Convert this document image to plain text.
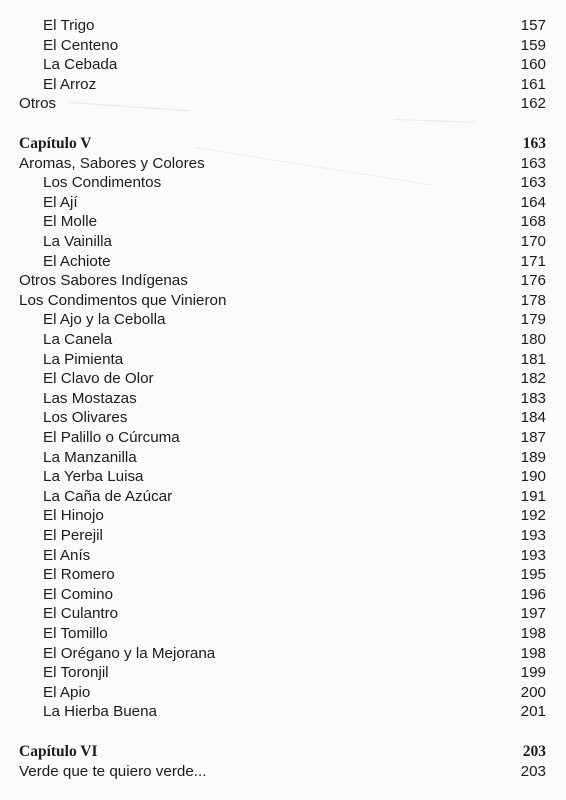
El Trigo	157
El Centeno	159
La Cebada	160
El Arroz	161
Otros	162
Capítulo V	163
Aromas, Sabores y Colores	163
Los Condimentos	163
El Ají	164
El Molle	168
La Vainilla	170
El Achiote	171
Otros Sabores Indígenas	176
Los Condimentos que Vinieron	178
El Ajo y la Cebolla	179
La Canela	180
La Pimienta	181
El Clavo de Olor	182
Las Mostazas	183
Los Olivares	184
El Palillo o Cúrcuma	187
La Manzanilla	189
La Yerba Luisa	190
La Caña de Azúcar	191
El Hinojo	192
El Perejil	193
El Anís	193
El Romero	195
El Comino	196
El Culantro	197
El Tomillo	198
El Orégano y la Mejorana	198
El Toronjil	199
El Apio	200
La Hierba Buena	201
Capítulo VI	203
Verde que te quiero verde...	203
